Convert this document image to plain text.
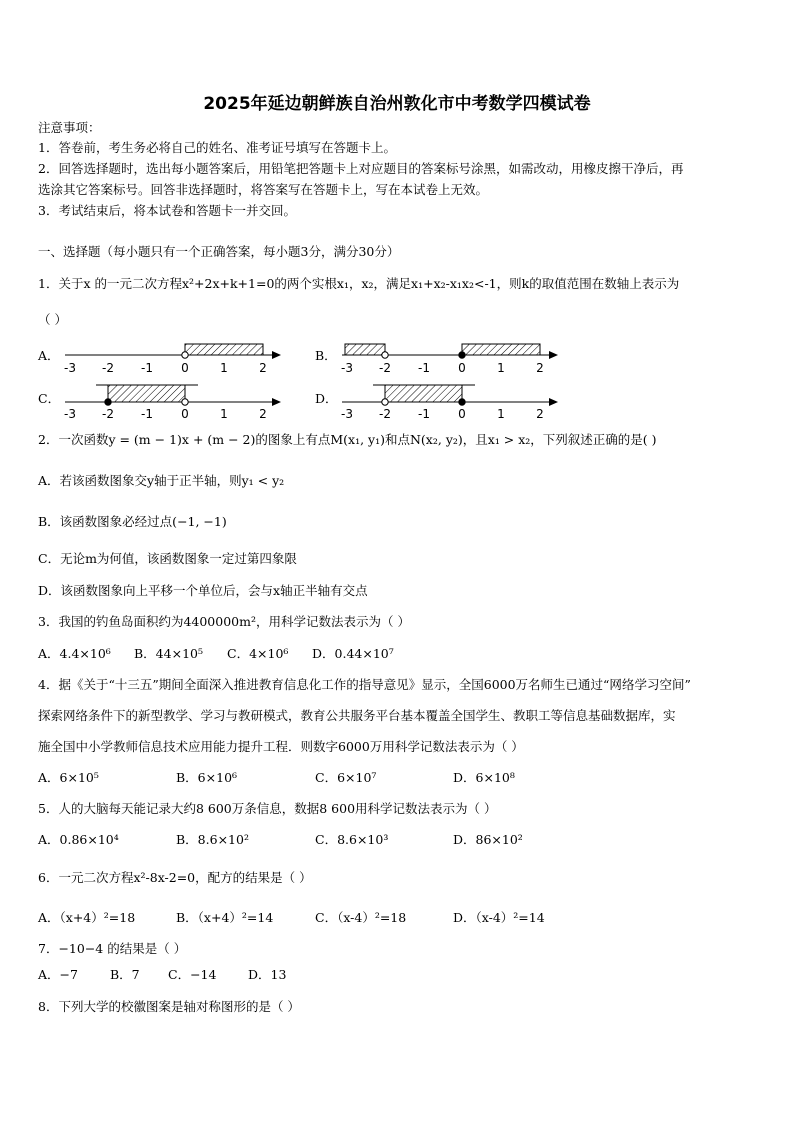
2025年延边朝鲜族自治州敦化市中考数学四模试卷
注意事项：
1．答卷前，考生务必将自己的姓名、准考证号填写在答题卡上。
2．回答选择题时，选出每小题答案后，用铅笔把答题卡上对应题目的答案标号涂黑，如需改动，用橡皮擦干净后，再
选涂其它答案标号。回答非选择题时，将答案写在答题卡上，写在本试卷上无效。
3．考试结束后，将本试卷和答题卡一并交回。
一、选择题（每小题只有一个正确答案，每小题3分，满分30分）
1．关于x 的一元二次方程x²+2x+k+1=0的两个实根x₁，x₂，满足x₁+x₂-x₁x₂<-1，则k的取值范围在数轴上表示为
（ ）
A．	B．
C．	D．
-3 -2 -1 0	1	2	-3 -2 -1 0	1	2
-3 -2 -1 0	1	2	-3 -2 -1 0	1	2
2．一次函数y = (m − 1)x + (m − 2)的图象上有点M(x₁, y₁)和点N(x₂, y₂)，且x₁ > x₂，下列叙述正确的是( )
A．若该函数图象交y轴于正半轴，则y₁ < y₂
B．该函数图象必经过点(−1, −1)
C．无论m为何值，该函数图象一定过第四象限
D．该函数图象向上平移一个单位后，会与x轴正半轴有交点
3．我国的钓鱼岛面积约为4400000m²，用科学记数法表示为（ ）
A．4.4×10⁶ B．44×10⁵ C．4×10⁶ D．0.44×10⁷
4．据《关于“十三五”期间全面深入推进教育信息化工作的指导意见》显示，全国6000万名师生已通过“网络学习空间”
探索网络条件下的新型教学、学习与教研模式，教育公共服务平台基本覆盖全国学生、教职工等信息基础数据库，实
施全国中小学教师信息技术应用能力提升工程．则数字6000万用科学记数法表示为（ ）
A．6×10⁵	B．6×10⁶	C．6×10⁷	D．6×10⁸
5．人的大脑每天能记录大约8 600万条信息，数据8 600用科学记数法表示为（ ）
A．0.86×10⁴	B．8.6×10²	C．8.6×10³	D．86×10²
6．一元二次方程x²-8x-2=0，配方的结果是（ ）
A．（x+4）²=18	B．（x+4）²=14	C．（x-4）²=18	D．（x-4）²=14
7．−10−4 的结果是（ ）
A．−7	B．7 C．−14	D．13
8．下列大学的校徽图案是轴对称图形的是（ ）
